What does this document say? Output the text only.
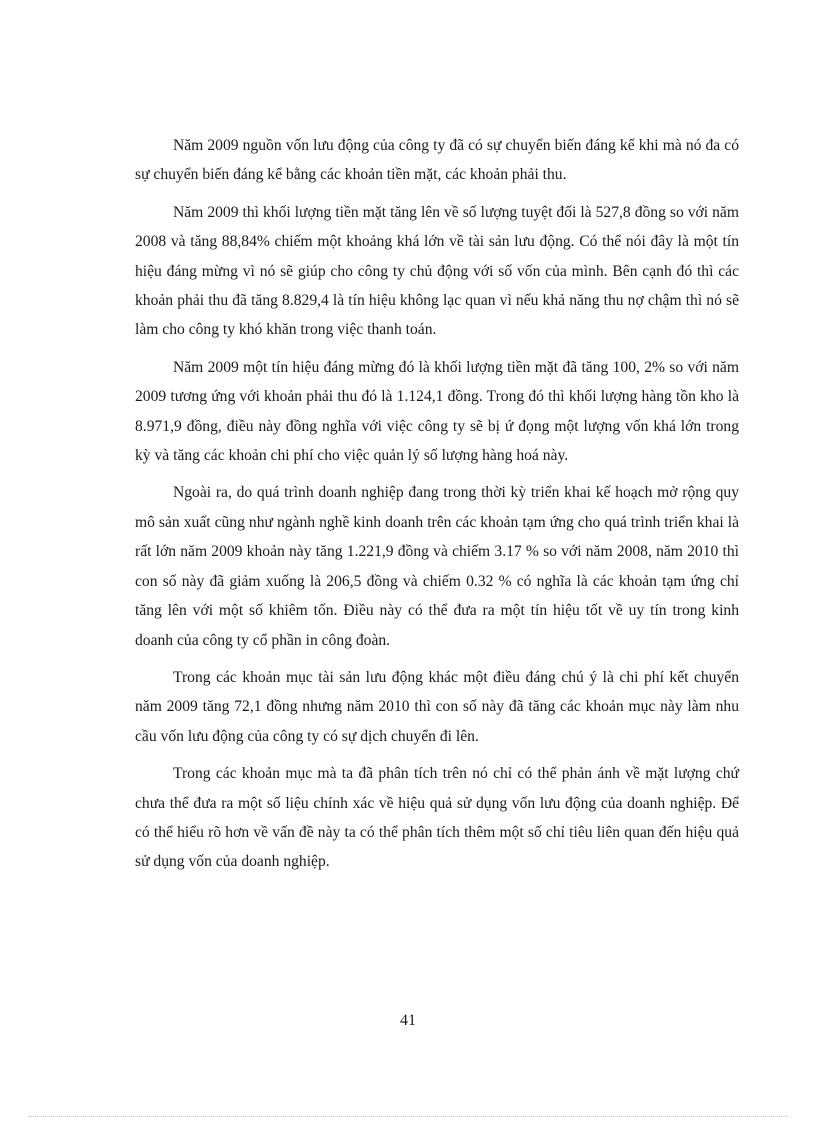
Năm 2009 nguồn vốn lưu động của công ty đã có sự chuyển biến đáng kể khi mà nó đa có sự chuyển biến đáng kể bằng các khoản tiền mặt, các khoản phải thu.

Năm 2009 thì khối lượng tiền mặt tăng lên về số lượng tuyệt đối là 527,8 đồng so với năm 2008 và tăng 88,84% chiếm một khoảng khá lớn về tài sản lưu động. Có thể nói đây là một tín hiệu đáng mừng vì nó sẽ giúp cho công ty chủ động với số vốn của mình. Bên cạnh đó thì các khoản phải thu đã tăng 8.829,4 là tín hiệu không lạc quan vì nếu khả năng thu nợ chậm thì nó sẽ làm cho công ty khó khăn trong việc thanh toán.

Năm 2009 một tín hiệu đáng mừng đó là khối lượng tiền mặt đã tăng 100, 2% so với năm 2009 tương ứng với khoản phải thu đó là 1.124,1 đồng. Trong đó thì khối lượng hàng tồn kho là 8.971,9 đồng, điều này đồng nghĩa với việc công ty sẽ bị ứ đọng một lượng vốn khá lớn trong kỳ và tăng các khoản chi phí cho việc quản lý số lượng hàng hoá này.

Ngoài ra, do quá trình doanh nghiệp đang trong thời kỳ triển khai kế hoạch mở rộng quy mô sản xuất cũng như ngành nghề kinh doanh trên các khoản tạm ứng cho quá trình triển khai là rất lớn năm 2009 khoản này tăng 1.221,9 đồng và chiếm 3.17 % so với năm 2008, năm 2010 thì con số này đã giảm xuống là 206,5 đồng và chiếm 0.32 % có nghĩa là các khoản tạm ứng chỉ tăng lên với một số khiêm tốn. Điều này có thể đưa ra một tín hiệu tốt về uy tín trong kinh doanh của công ty cổ phần in công đoàn.

Trong các khoản mục tài sản lưu động khác một điều đáng chú ý là chi phí kết chuyển năm 2009 tăng 72,1 đồng nhưng năm 2010 thì con số này đã tăng các khoản mục này làm nhu cầu vốn lưu động của công ty có sự dịch chuyển đi lên.

Trong các khoản mục mà ta đã phân tích trên nó chỉ có thể phản ánh về mặt lượng chứ chưa thể đưa ra một số liệu chính xác về hiệu quả sử dụng vốn lưu động của doanh nghiệp. Để có thể hiểu rõ hơn về vấn đề này ta có thể phân tích thêm một số chỉ tiêu liên quan đến hiệu quả sử dụng vốn của doanh nghiệp.

41
